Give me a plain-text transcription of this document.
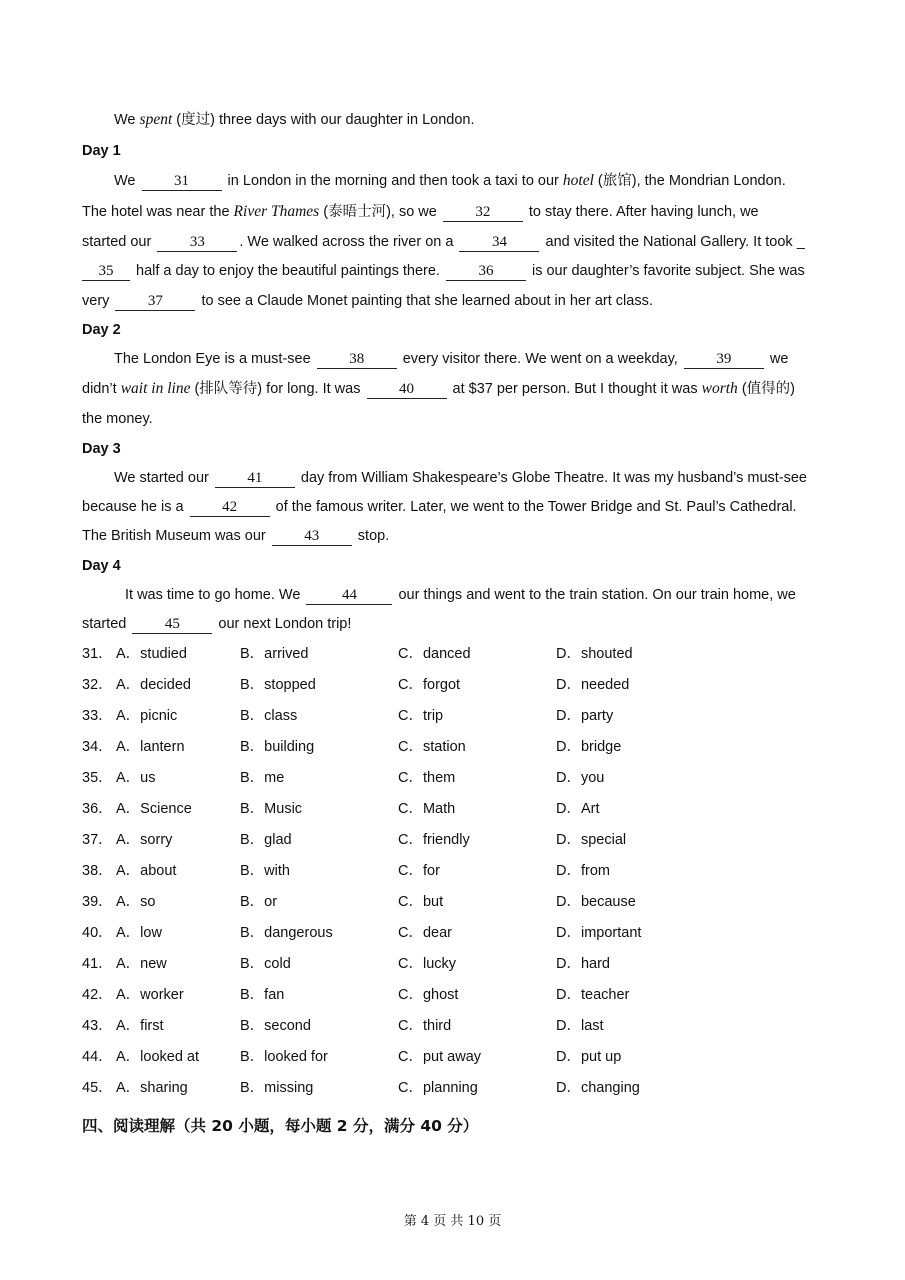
We spent (度过) three days with our daughter in London.
Day 1
We 31 in London in the morning and then took a taxi to our hotel (旅馆), the Mondrian London.
The hotel was near the River Thames (泰晤士河), so we 32 to stay there. After having lunch, we
started our 33 . We walked across the river on a 34 and visited the National Gallery. It took _
35 half a day to enjoy the beautiful paintings there. 36 is our daughter’s favorite subject. She was
very 37 to see a Claude Monet painting that she learned about in her art class.
Day 2
The London Eye is a must-see 38 every visitor there. We went on a weekday, 39 we
didn’t wait in line (排队等待) for long. It was 40 at $37 per person. But I thought it was worth (值得的)
the money.
Day 3
We started our 41 day from William Shakespeare’s Globe Theatre. It was my husband’s must-see
because he is a 42 of the famous writer. Later, we went to the Tower Bridge and St. Paul’s Cathedral.
The British Museum was our 43 stop.
Day 4
It was time to go home. We	44	our things and went to the train station. On our train home, we
started 45 our next London trip!
31． A．studied	B．arrived	C．danced	D．shouted
32． A．decided	B．stopped	C．forgot	D．needed
33． A．picnic	B．class	C．trip	D．party
34． A．lantern	B．building	C．station	D．bridge
35． A．us	B．me	C．them	D．you
36． A．Science	B．Music	C．Math	D．Art
37． A．sorry	B．glad	C．friendly	D．special
38． A．about	B．with	C．for	D．from
39． A．so	B．or	C．but	D．because
40． A．low	B．dangerous	C．dear	D．important
41． A．new	B．cold	C．lucky	D．hard
42． A．worker	B．fan	C．ghost	D．teacher
43． A．first	B．second	C．third	D．last
44． A．looked at	B．looked for	C．put away	D．put up
45． A．sharing	B．missing	C．planning	D．changing
四、阅读理解（共 20 小题，每小题 2 分，满分 40 分）
第 4 页 共 10 页
